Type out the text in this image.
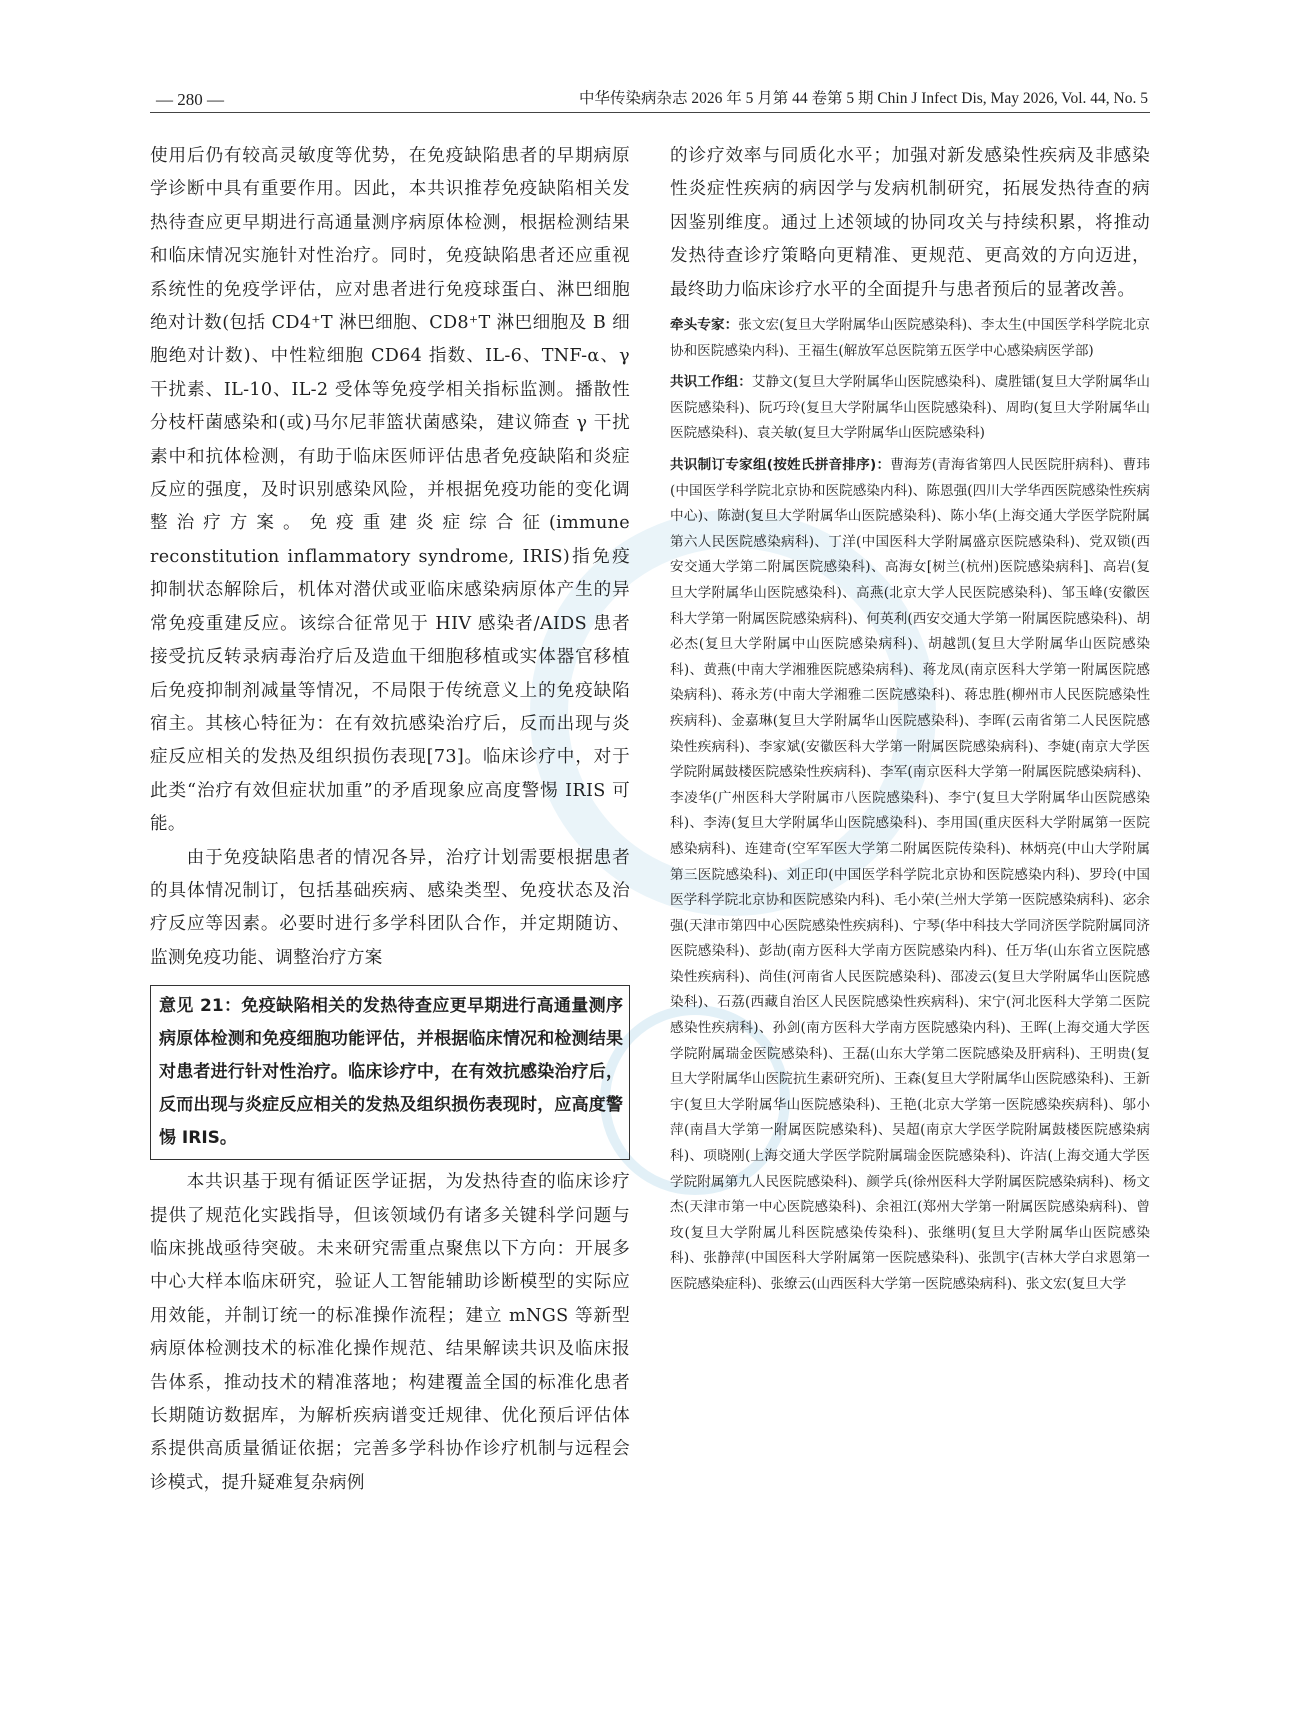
— 280 —	中华传染病杂志 2026 年 5 月第 44 卷第 5 期 Chin J Infect Dis, May 2026, Vol. 44, No. 5

使用后仍有较高灵敏度等优势，在免疫缺陷患者的早期病原学诊断中具有重要作用。因此，本共识推荐免疫缺陷相关发热待查应更早期进行高通量测序病原体检测，根据检测结果和临床情况实施针对性治疗。同时，免疫缺陷患者还应重视系统性的免疫学评估，应对患者进行免疫球蛋白、淋巴细胞绝对计数(包括 CD4⁺T 淋巴细胞、CD8⁺T 淋巴细胞及 B 细胞绝对计数)、中性粒细胞 CD64 指数、IL-6、TNF-α、γ 干扰素、IL-10、IL-2 受体等免疫学相关指标监测。播散性分枝杆菌感染和(或)马尔尼菲篮状菌感染，建议筛查 γ 干扰素中和抗体检测，有助于临床医师评估患者免疫缺陷和炎症反应的强度，及时识别感染风险，并根据免疫功能的变化调整治疗方案。免疫重建炎症综合征(immune reconstitution inflammatory syndrome, IRIS)指免疫抑制状态解除后，机体对潜伏或亚临床感染病原体产生的异常免疫重建反应。该综合征常见于 HIV 感染者/AIDS 患者接受抗反转录病毒治疗后及造血干细胞移植或实体器官移植后免疫抑制剂减量等情况，不局限于传统意义上的免疫缺陷宿主。其核心特征为：在有效抗感染治疗后，反而出现与炎症反应相关的发热及组织损伤表现[73]。临床诊疗中，对于此类“治疗有效但症状加重”的矛盾现象应高度警惕 IRIS 可能。

由于免疫缺陷患者的情况各异，治疗计划需要根据患者的具体情况制订，包括基础疾病、感染类型、免疫状态及治疗反应等因素。必要时进行多学科团队合作，并定期随访、监测免疫功能、调整治疗方案

意见 21：免疫缺陷相关的发热待查应更早期进行高通量测序病原体检测和免疫细胞功能评估，并根据临床情况和检测结果对患者进行针对性治疗。临床诊疗中，在有效抗感染治疗后，反而出现与炎症反应相关的发热及组织损伤表现时，应高度警惕 IRIS。

本共识基于现有循证医学证据，为发热待查的临床诊疗提供了规范化实践指导，但该领域仍有诸多关键科学问题与临床挑战亟待突破。未来研究需重点聚焦以下方向：开展多中心大样本临床研究，验证人工智能辅助诊断模型的实际应用效能，并制订统一的标准操作流程；建立 mNGS 等新型病原体检测技术的标准化操作规范、结果解读共识及临床报告体系，推动技术的精准落地；构建覆盖全国的标准化患者长期随访数据库，为解析疾病谱变迁规律、优化预后评估体系提供高质量循证依据；完善多学科协作诊疗机制与远程会诊模式，提升疑难复杂病例

的诊疗效率与同质化水平；加强对新发感染性疾病及非感染性炎症性疾病的病因学与发病机制研究，拓展发热待查的病因鉴别维度。通过上述领域的协同攻关与持续积累，将推动发热待查诊疗策略向更精准、更规范、更高效的方向迈进，最终助力临床诊疗水平的全面提升与患者预后的显著改善。

牵头专家：张文宏(复旦大学附属华山医院感染科)、李太生(中国医学科学院北京协和医院感染内科)、王福生(解放军总医院第五医学中心感染病医学部)

共识工作组：艾静文(复旦大学附属华山医院感染科)、虞胜镭(复旦大学附属华山医院感染科)、阮巧玲(复旦大学附属华山医院感染科)、周昀(复旦大学附属华山医院感染科)、袁关敏(复旦大学附属华山医院感染科)

共识制订专家组(按姓氏拼音排序)：曹海芳(青海省第四人民医院肝病科)、曹玮(中国医学科学院北京协和医院感染内科)、陈恩强(四川大学华西医院感染性疾病中心)、陈澍(复旦大学附属华山医院感染科)、陈小华(上海交通大学医学院附属第六人民医院感染病科)、丁洋(中国医科大学附属盛京医院感染科)、党双锁(西安交通大学第二附属医院感染科)、高海女[树兰(杭州)医院感染病科]、高岩(复旦大学附属华山医院感染科)、高燕(北京大学人民医院感染科)、邹玉峰(安徽医科大学第一附属医院感染病科)、何英利(西安交通大学第一附属医院感染科)、胡必杰(复旦大学附属中山医院感染病科)、胡越凯(复旦大学附属华山医院感染科)、黄燕(中南大学湘雅医院感染病科)、蒋龙凤(南京医科大学第一附属医院感染病科)、蒋永芳(中南大学湘雅二医院感染科)、蒋忠胜(柳州市人民医院感染性疾病科)、金嘉琳(复旦大学附属华山医院感染科)、李晖(云南省第二人民医院感染性疾病科)、李家斌(安徽医科大学第一附属医院感染病科)、李婕(南京大学医学院附属鼓楼医院感染性疾病科)、李军(南京医科大学第一附属医院感染病科)、李凌华(广州医科大学附属市八医院感染科)、李宁(复旦大学附属华山医院感染科)、李涛(复旦大学附属华山医院感染科)、李用国(重庆医科大学附属第一医院感染病科)、连建奇(空军军医大学第二附属医院传染科)、林炳亮(中山大学附属第三医院感染科)、刘正印(中国医学科学院北京协和医院感染内科)、罗玲(中国医学科学院北京协和医院感染内科)、毛小荣(兰州大学第一医院感染病科)、宓余强(天津市第四中心医院感染性疾病科)、宁琴(华中科技大学同济医学院附属同济医院感染科)、彭劼(南方医科大学南方医院感染内科)、任万华(山东省立医院感染性疾病科)、尚佳(河南省人民医院感染科)、邵凌云(复旦大学附属华山医院感染科)、石荔(西藏自治区人民医院感染性疾病科)、宋宁(河北医科大学第二医院感染性疾病科)、孙剑(南方医科大学南方医院感染内科)、王晖(上海交通大学医学院附属瑞金医院感染科)、王磊(山东大学第二医院感染及肝病科)、王明贵(复旦大学附属华山医院抗生素研究所)、王森(复旦大学附属华山医院感染科)、王新宇(复旦大学附属华山医院感染科)、王艳(北京大学第一医院感染疾病科)、邬小萍(南昌大学第一附属医院感染科)、吴超(南京大学医学院附属鼓楼医院感染病科)、项晓刚(上海交通大学医学院附属瑞金医院感染科)、许洁(上海交通大学医学院附属第九人民医院感染科)、颜学兵(徐州医科大学附属医院感染病科)、杨文杰(天津市第一中心医院感染科)、余祖江(郑州大学第一附属医院感染病科)、曾玫(复旦大学附属儿科医院感染传染科)、张继明(复旦大学附属华山医院感染科)、张静萍(中国医科大学附属第一医院感染科)、张凯宇(吉林大学白求恩第一医院感染症科)、张缭云(山西医科大学第一医院感染病科)、张文宏(复旦大学
